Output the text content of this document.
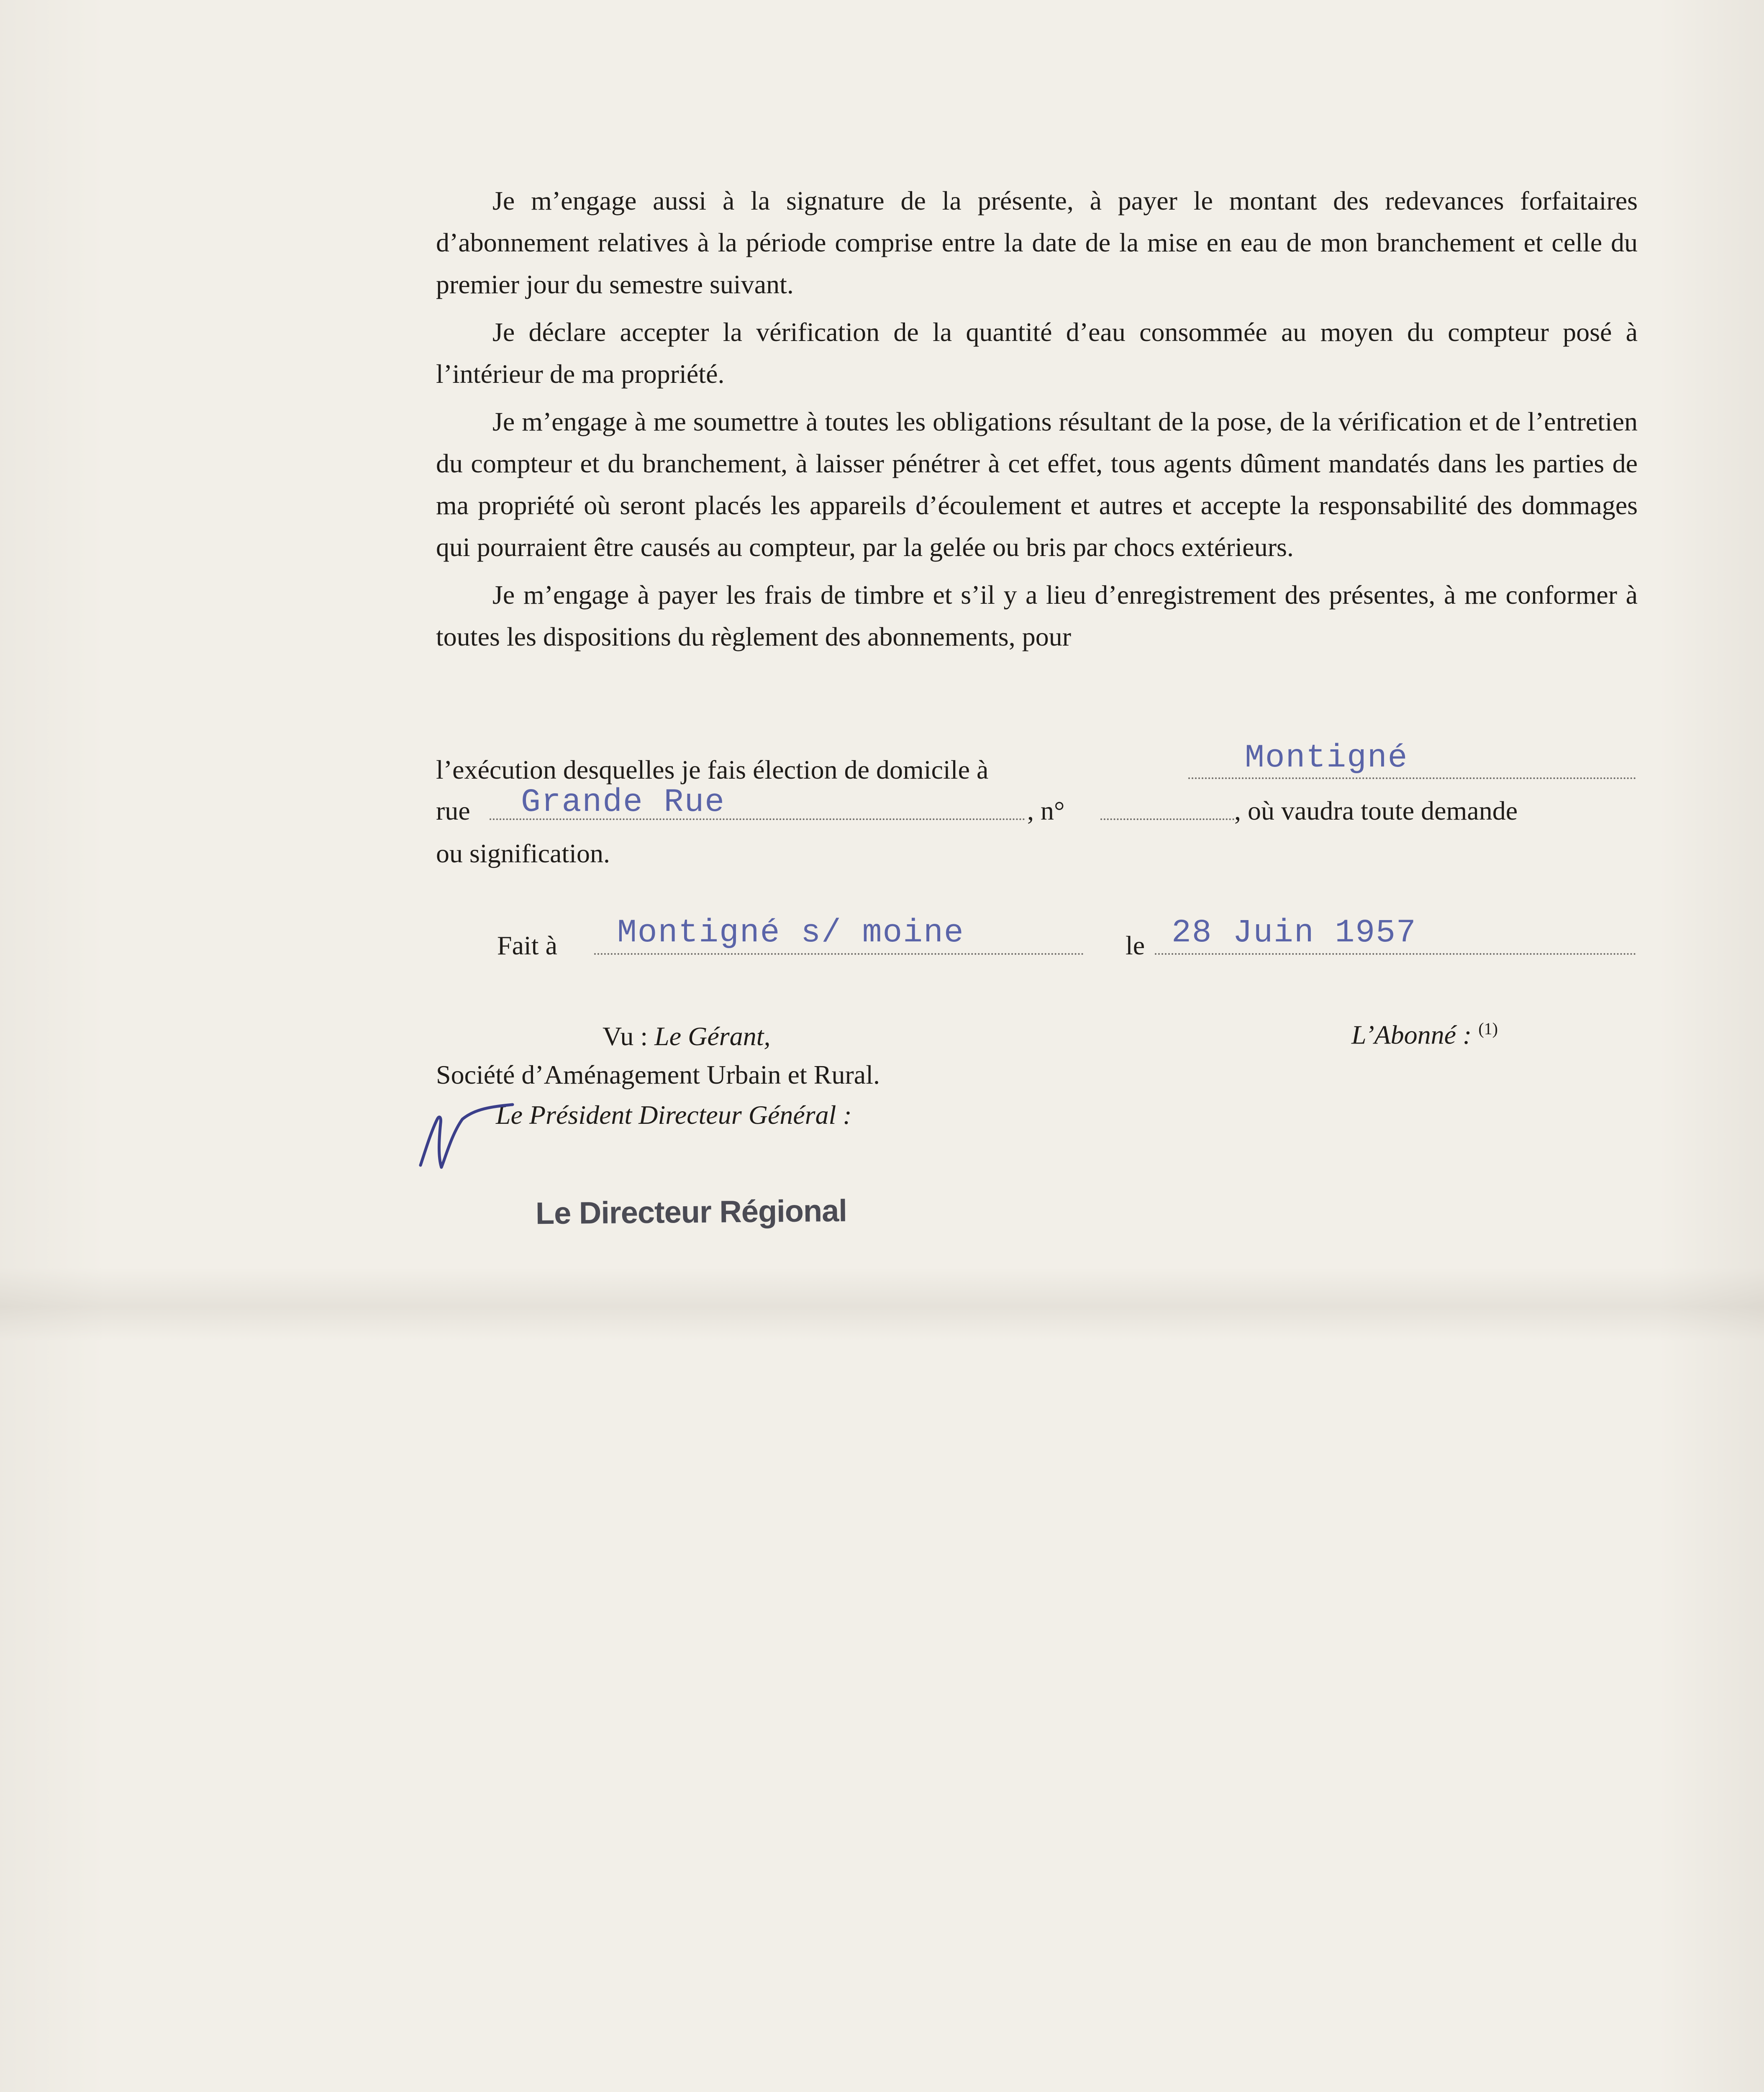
Je m’engage aussi à la signature de la présente, à payer le montant des redevances forfaitaires d’abonnement relatives à la période comprise entre la date de la mise en eau de mon branchement et celle du premier jour du semestre suivant.

Je déclare accepter la vérification de la quantité d’eau consommée au moyen du compteur posé à l’intérieur de ma propriété.

Je m’engage à me soumettre à toutes les obligations résultant de la pose, de la vérification et de l’entretien du compteur et du branchement, à laisser pénétrer à cet effet, tous agents dûment mandatés dans les parties de ma propriété où seront placés les appareils d’écoulement et autres et accepte la responsabilité des dommages qui pourraient être causés au compteur, par la gelée ou bris par chocs extérieurs.

Je m’engage à payer les frais de timbre et s’il y a lieu d’enregistrement des présentes, à me conformer à toutes les dispositions du règlement des abonnements, pour

l’exécution desquelles je fais élection de domicile à	Montigné
rue Grande Rue	, n°	, où vaudra toute demande
ou signification.
Fait à Montigné s/ moine	le 28 Juin 1957
Vu : Le Gérant,	L’Abonné : $^{(1)}$
Société d’Aménagement Urbain et Rural.
Le Président Directeur Général :
Le Directeur Régional
